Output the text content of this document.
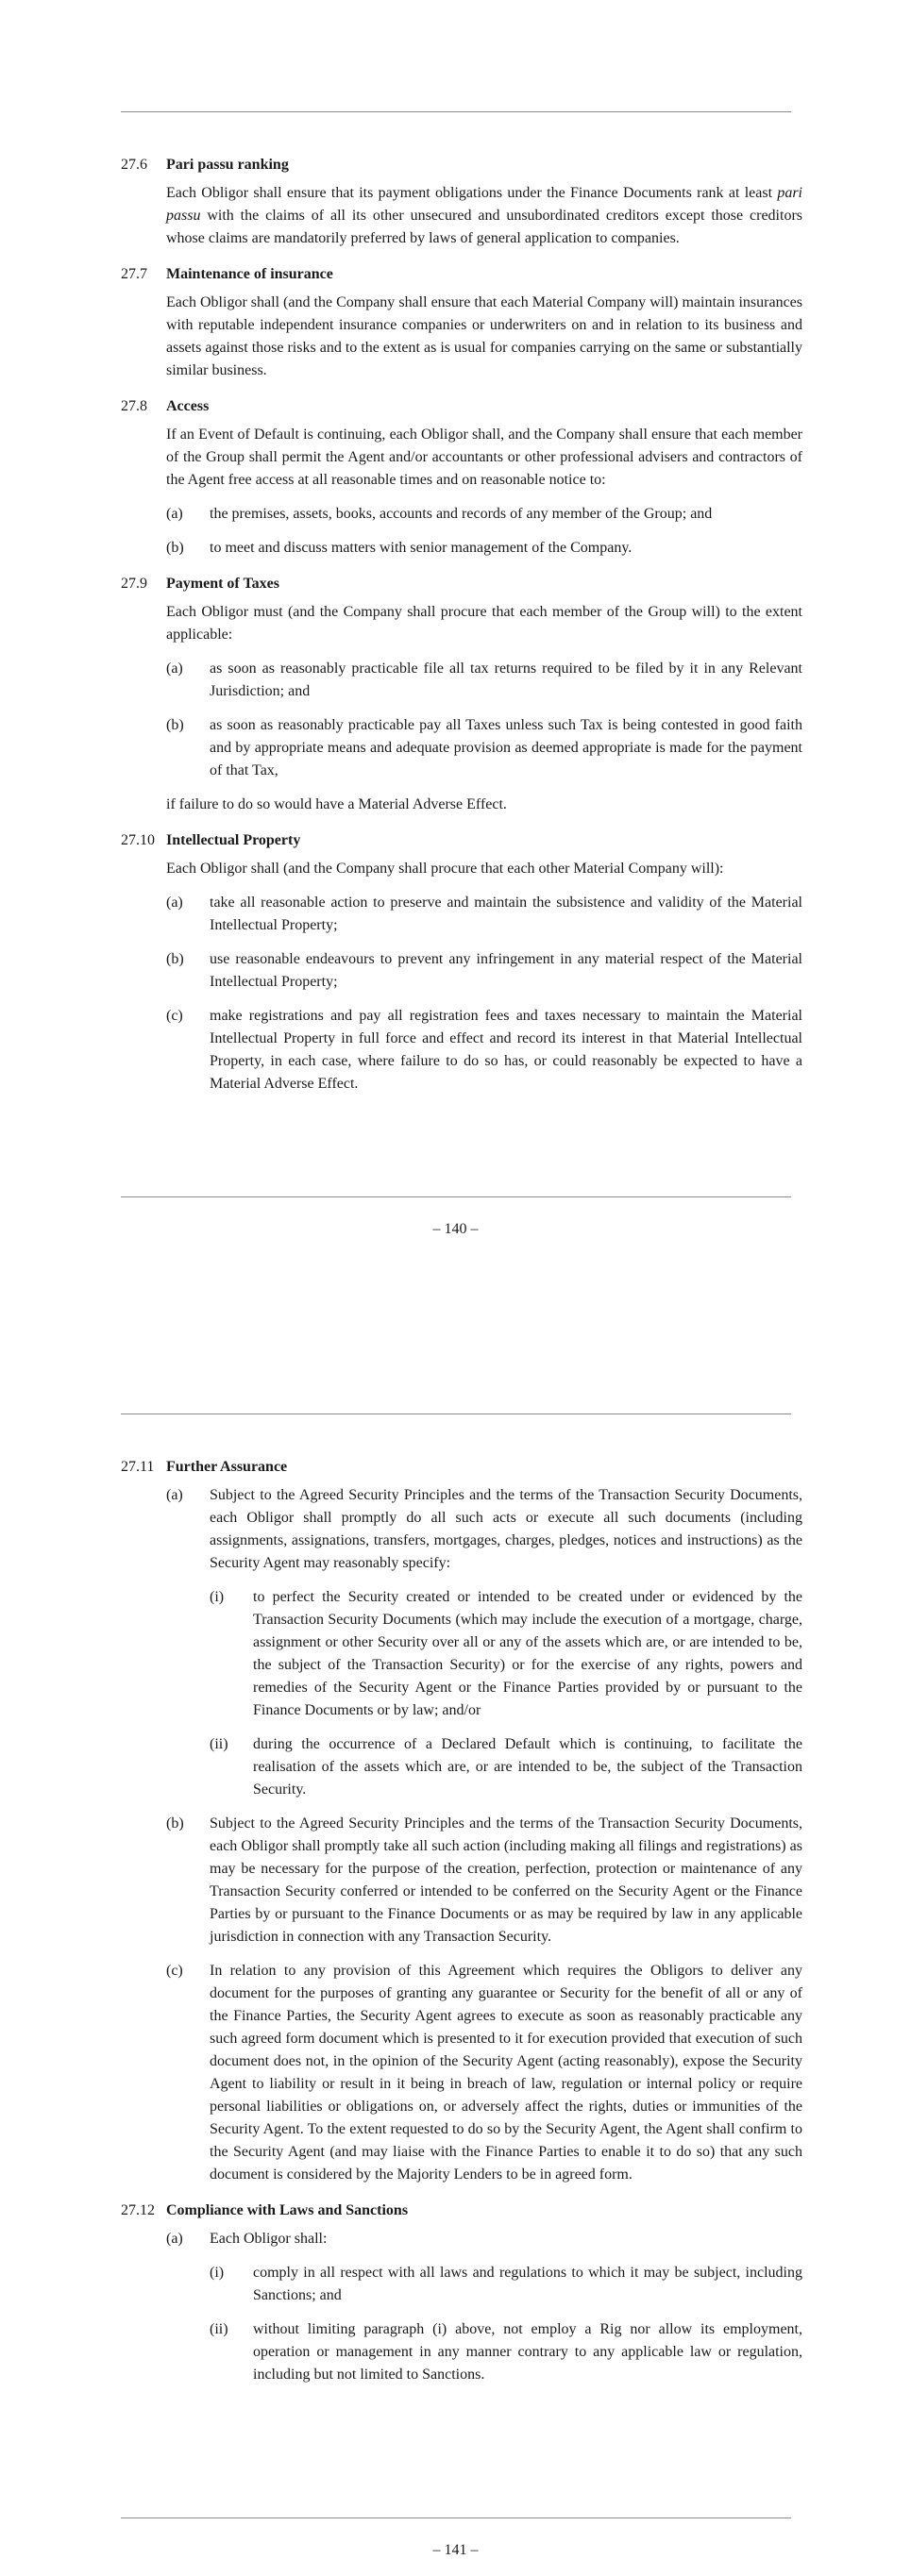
27.6	Pari passu ranking

Each Obligor shall ensure that its payment obligations under the Finance Documents rank at least pari passu with the claims of all its other unsecured and unsubordinated creditors except those creditors whose claims are mandatorily preferred by laws of general application to companies.

27.7	Maintenance of insurance

Each Obligor shall (and the Company shall ensure that each Material Company will) maintain insurances with reputable independent insurance companies or underwriters on and in relation to its business and assets against those risks and to the extent as is usual for companies carrying on the same or substantially similar business.

27.8	Access

If an Event of Default is continuing, each Obligor shall, and the Company shall ensure that each member of the Group shall permit the Agent and/or accountants or other professional advisers and contractors of the Agent free access at all reasonable times and on reasonable notice to:

(a)	the premises, assets, books, accounts and records of any member of the Group; and
(b)	to meet and discuss matters with senior management of the Company.
27.9	Payment of Taxes

Each Obligor must (and the Company shall procure that each member of the Group will) to the extent applicable:

(a)	as soon as reasonably practicable file all tax returns required to be filed by it in any Relevant Jurisdiction; and
(b)	as soon as reasonably practicable pay all Taxes unless such Tax is being contested in good faith and by appropriate means and adequate provision as deemed appropriate is made for the payment of that Tax,

if failure to do so would have a Material Adverse Effect.

27.10 Intellectual Property

Each Obligor shall (and the Company shall procure that each other Material Company will):

(a)	take all reasonable action to preserve and maintain the subsistence and validity of the Material Intellectual Property;
(b)	use reasonable endeavours to prevent any infringement in any material respect of the Material Intellectual Property;
(c)	make registrations and pay all registration fees and taxes necessary to maintain the Material Intellectual Property in full force and effect and record its interest in that Material Intellectual Property, in each case, where failure to do so has, or could reasonably be expected to have a Material Adverse Effect.
– 140 –
27.11 Further Assurance
(a)	Subject to the Agreed Security Principles and the terms of the Transaction Security Documents, each Obligor shall promptly do all such acts or execute all such documents (including assignments, assignations, transfers, mortgages, charges, pledges, notices and instructions) as the Security Agent may reasonably specify:
(i)	to perfect the Security created or intended to be created under or evidenced by the Transaction Security Documents (which may include the execution of a mortgage, charge, assignment or other Security over all or any of the assets which are, or are intended to be, the subject of the Transaction Security) or for the exercise of any rights, powers and remedies of the Security Agent or the Finance Parties provided by or pursuant to the Finance Documents or by law; and/or
(ii)	during the occurrence of a Declared Default which is continuing, to facilitate the realisation of the assets which are, or are intended to be, the subject of the Transaction Security.
(b)	Subject to the Agreed Security Principles and the terms of the Transaction Security Documents, each Obligor shall promptly take all such action (including making all filings and registrations) as may be necessary for the purpose of the creation, perfection, protection or maintenance of any Transaction Security conferred or intended to be conferred on the Security Agent or the Finance Parties by or pursuant to the Finance Documents or as may be required by law in any applicable jurisdiction in connection with any Transaction Security.
(c)	In relation to any provision of this Agreement which requires the Obligors to deliver any document for the purposes of granting any guarantee or Security for the benefit of all or any of the Finance Parties, the Security Agent agrees to execute as soon as reasonably practicable any such agreed form document which is presented to it for execution provided that execution of such document does not, in the opinion of the Security Agent (acting reasonably), expose the Security Agent to liability or result in it being in breach of law, regulation or internal policy or require personal liabilities or obligations on, or adversely affect the rights, duties or immunities of the Security Agent. To the extent requested to do so by the Security Agent, the Agent shall confirm to the Security Agent (and may liaise with the Finance Parties to enable it to do so) that any such document is considered by the Majority Lenders to be in agreed form.
27.12 Compliance with Laws and Sanctions
(a)	Each Obligor shall:
(i)	comply in all respect with all laws and regulations to which it may be subject, including Sanctions; and
(ii)	without limiting paragraph (i) above, not employ a Rig nor allow its employment, operation or management in any manner contrary to any applicable law or regulation, including but not limited to Sanctions.
– 141 –
